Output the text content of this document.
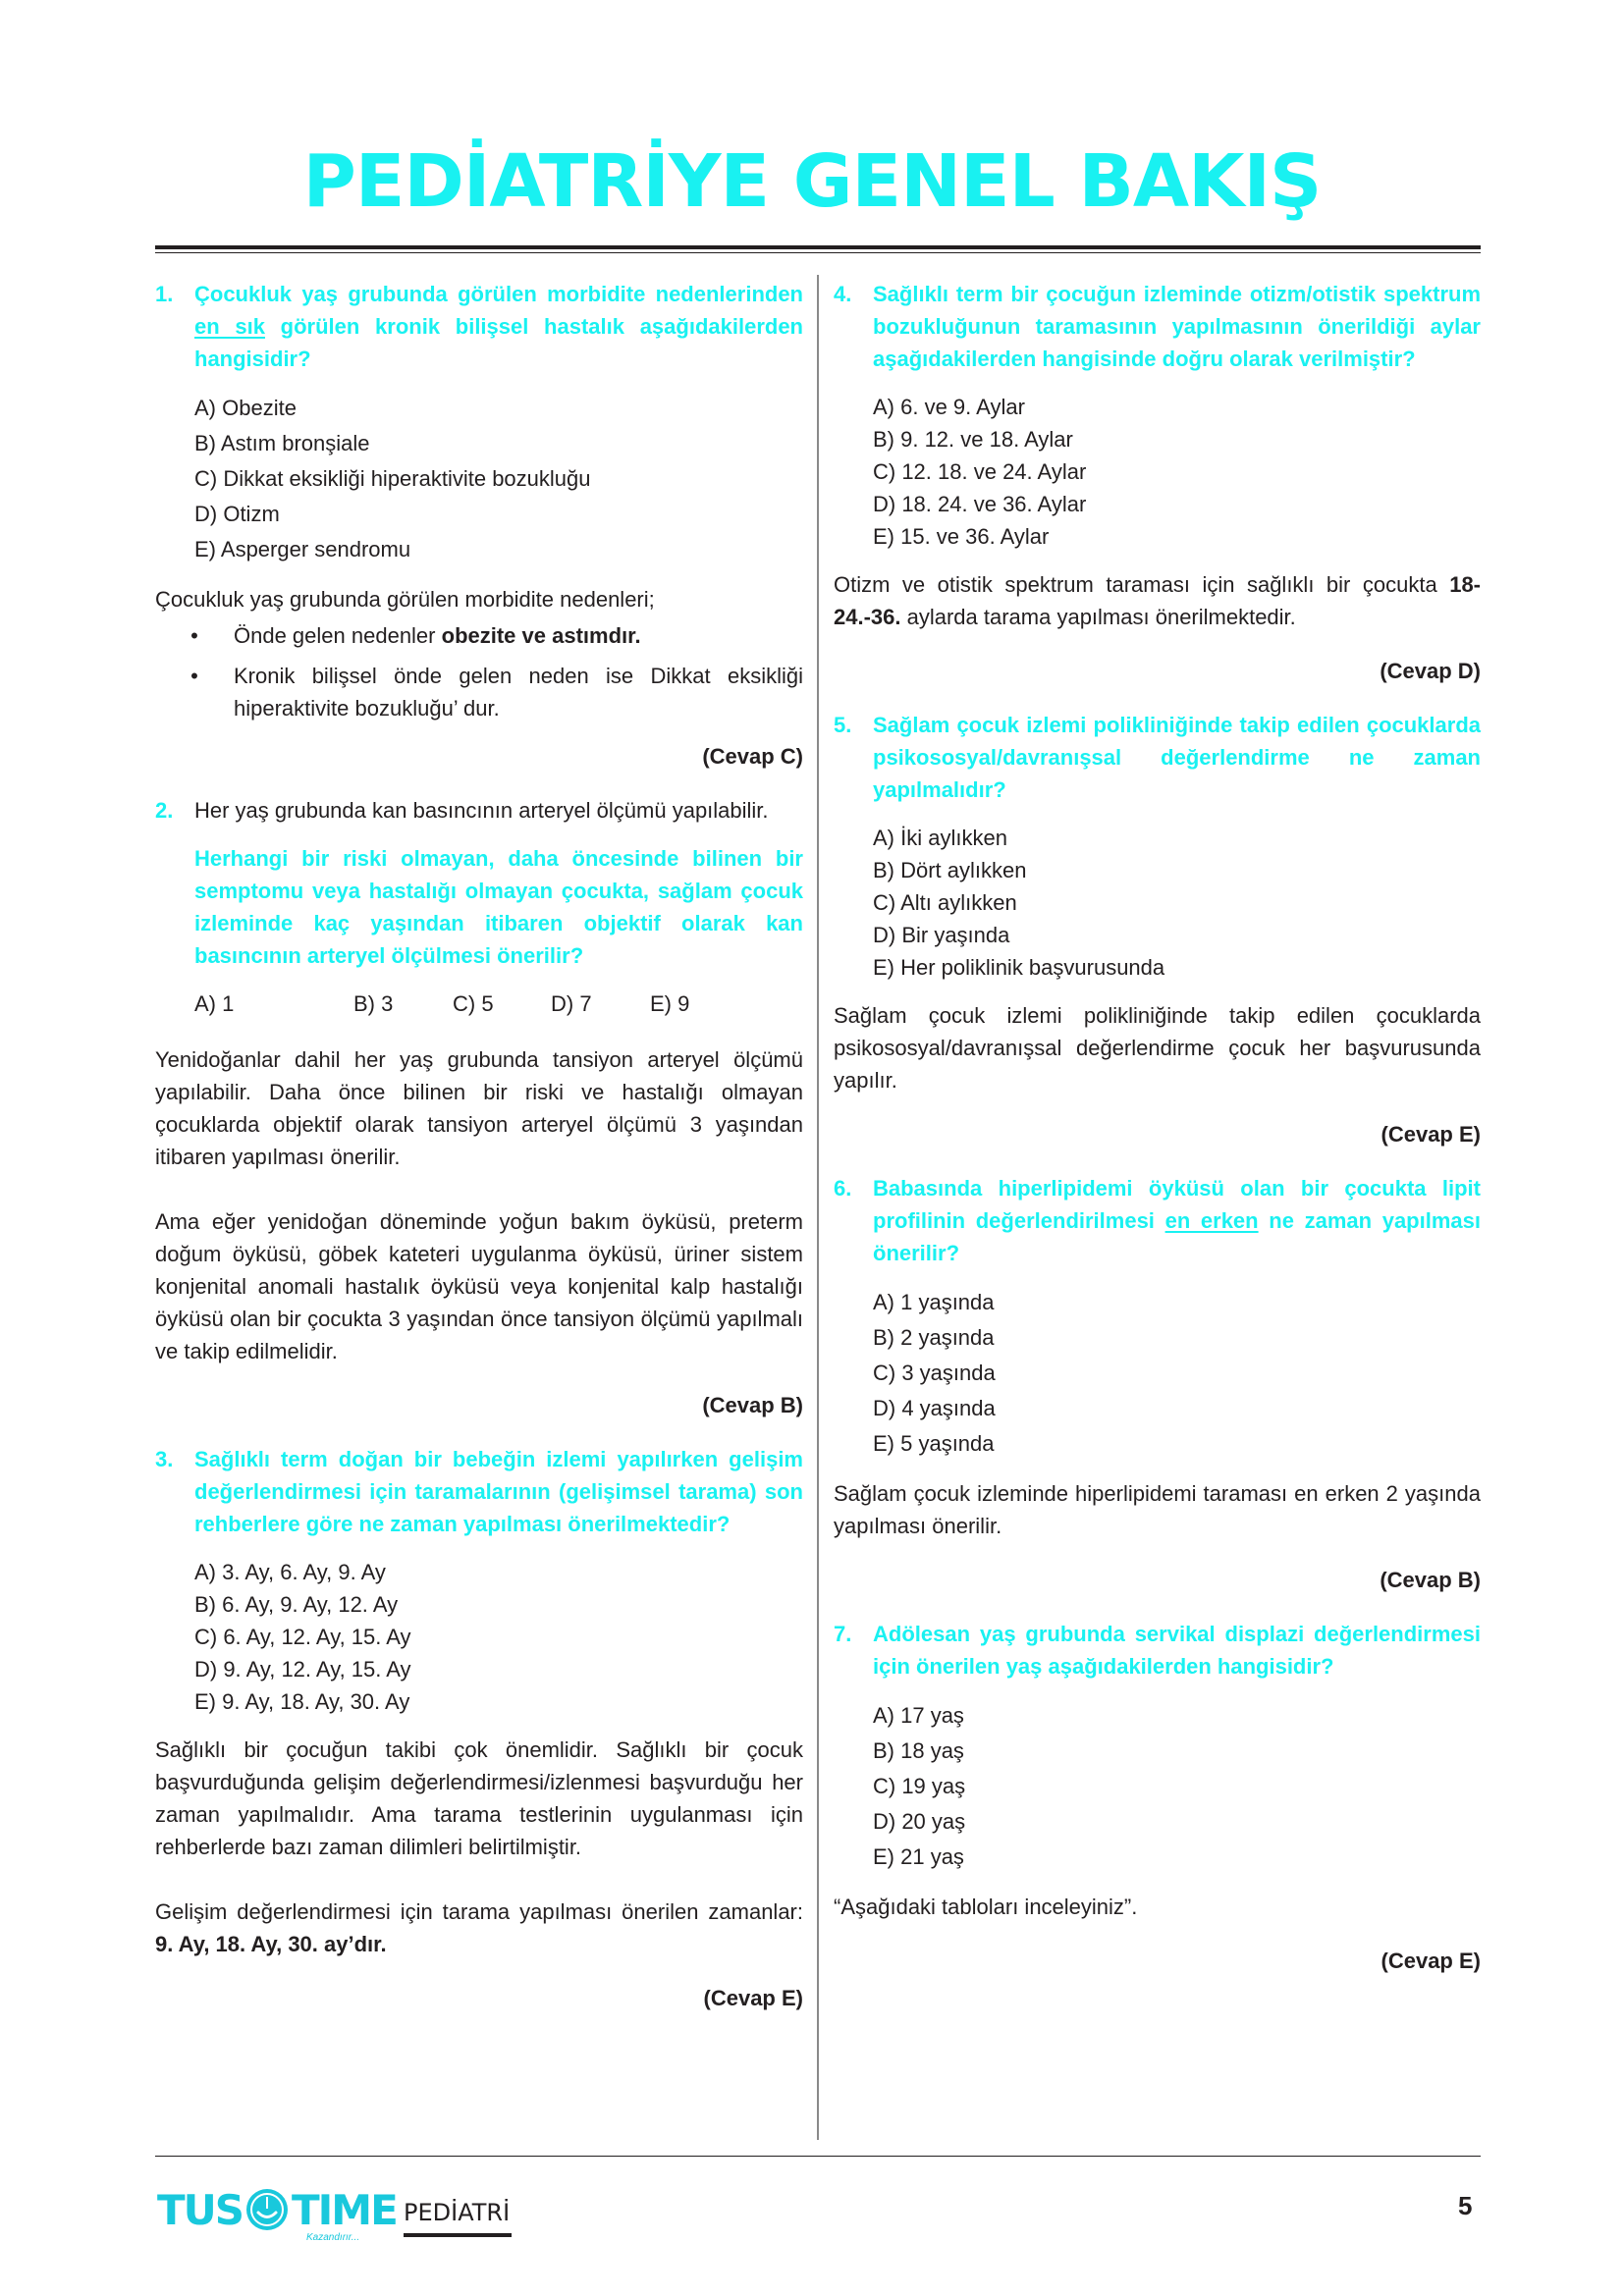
PEDİATRİYE GENEL BAKIŞ
1. Çocukluk yaş grubunda görülen morbidite nedenlerinden en sık görülen kronik bilişsel hastalık aşağıdakilerden hangisidir?
A) Obezite
B) Astım bronşiale
C) Dikkat eksikliği hiperaktivite bozukluğu
D) Otizm
E) Asperger sendromu
Çocukluk yaş grubunda görülen morbidite nedenleri;
•	Önde gelen nedenler obezite ve astımdır.
•	Kronik bilişsel önde gelen neden ise Dikkat eksikliği hiperaktivite bozukluğu’ dur.
(Cevap C)
2. Her yaş grubunda kan basıncının arteryel ölçümü yapılabilir.
Herhangi bir riski olmayan, daha öncesinde bilinen bir semptomu veya hastalığı olmayan çocukta, sağlam çocuk izleminde kaç yaşından itibaren objektif olarak kan basıncının arteryel ölçülmesi önerilir?
A) 1	B) 3	C) 5	D) 7	E) 9
Yenidoğanlar dahil her yaş grubunda tansiyon arteryel ölçümü yapılabilir. Daha önce bilinen bir riski ve hastalığı olmayan çocuklarda objektif olarak tansiyon arteryel ölçümü 3 yaşından itibaren yapılması önerilir.
Ama eğer yenidoğan döneminde yoğun bakım öyküsü, preterm doğum öyküsü, göbek kateteri uygulanma öyküsü, üriner sistem konjenital anomali hastalık öyküsü veya konjenital kalp hastalığı öyküsü olan bir çocukta 3 yaşından önce tansiyon ölçümü yapılmalı ve takip edilmelidir.
(Cevap B)
3. Sağlıklı term doğan bir bebeğin izlemi yapılırken gelişim değerlendirmesi için taramalarının (gelişimsel tarama) son rehberlere göre ne zaman yapılması önerilmektedir?
A) 3. Ay, 6. Ay, 9. Ay
B) 6. Ay, 9. Ay, 12. Ay
C) 6. Ay, 12. Ay, 15. Ay
D) 9. Ay, 12. Ay, 15. Ay
E) 9. Ay, 18. Ay, 30. Ay
Sağlıklı bir çocuğun takibi çok önemlidir. Sağlıklı bir çocuk başvurduğunda gelişim değerlendirmesi/izlenmesi başvurduğu her zaman yapılmalıdır. Ama tarama testlerinin uygulanması için rehberlerde bazı zaman dilimleri belirtilmiştir.
Gelişim değerlendirmesi için tarama yapılması önerilen zamanlar: 9. Ay, 18. Ay, 30. ay’dır.
(Cevap E)
4. Sağlıklı term bir çocuğun izleminde otizm/otistik spektrum bozukluğunun taramasının yapılmasının önerildiği aylar aşağıdakilerden hangisinde doğru olarak verilmiştir?
A) 6. ve 9. Aylar
B) 9. 12. ve 18. Aylar
C) 12. 18. ve 24. Aylar
D) 18. 24. ve 36. Aylar
E) 15. ve 36. Aylar
Otizm ve otistik spektrum taraması için sağlıklı bir çocukta 18-24.-36. aylarda tarama yapılması önerilmektedir.
(Cevap D)
5. Sağlam çocuk izlemi polikliniğinde takip edilen çocuklarda psikososyal/davranışsal değerlendirme ne zaman yapılmalıdır?
A) İki aylıkken
B) Dört aylıkken
C) Altı aylıkken
D) Bir yaşında
E) Her poliklinik başvurusunda
Sağlam çocuk izlemi polikliniğinde takip edilen çocuklarda psikososyal/davranışsal değerlendirme çocuk her başvurusunda yapılır.
(Cevap E)
6. Babasında hiperlipidemi öyküsü olan bir çocukta lipit profilinin değerlendirilmesi en erken ne zaman yapılması önerilir?
A) 1 yaşında
B) 2 yaşında
C) 3 yaşında
D) 4 yaşında
E) 5 yaşında
Sağlam çocuk izleminde hiperlipidemi taraması en erken 2 yaşında yapılması önerilir.
(Cevap B)
7. Adölesan yaş grubunda servikal displazi değerlendirmesi için önerilen yaş aşağıdakilerden hangisidir?
A) 17 yaş
B) 18 yaş
C) 19 yaş
D) 20 yaş
E) 21 yaş
“Aşağıdaki tabloları inceleyiniz”.
(Cevap E)
TUS TIME
Kazandırır...
PEDİATRİ	5
